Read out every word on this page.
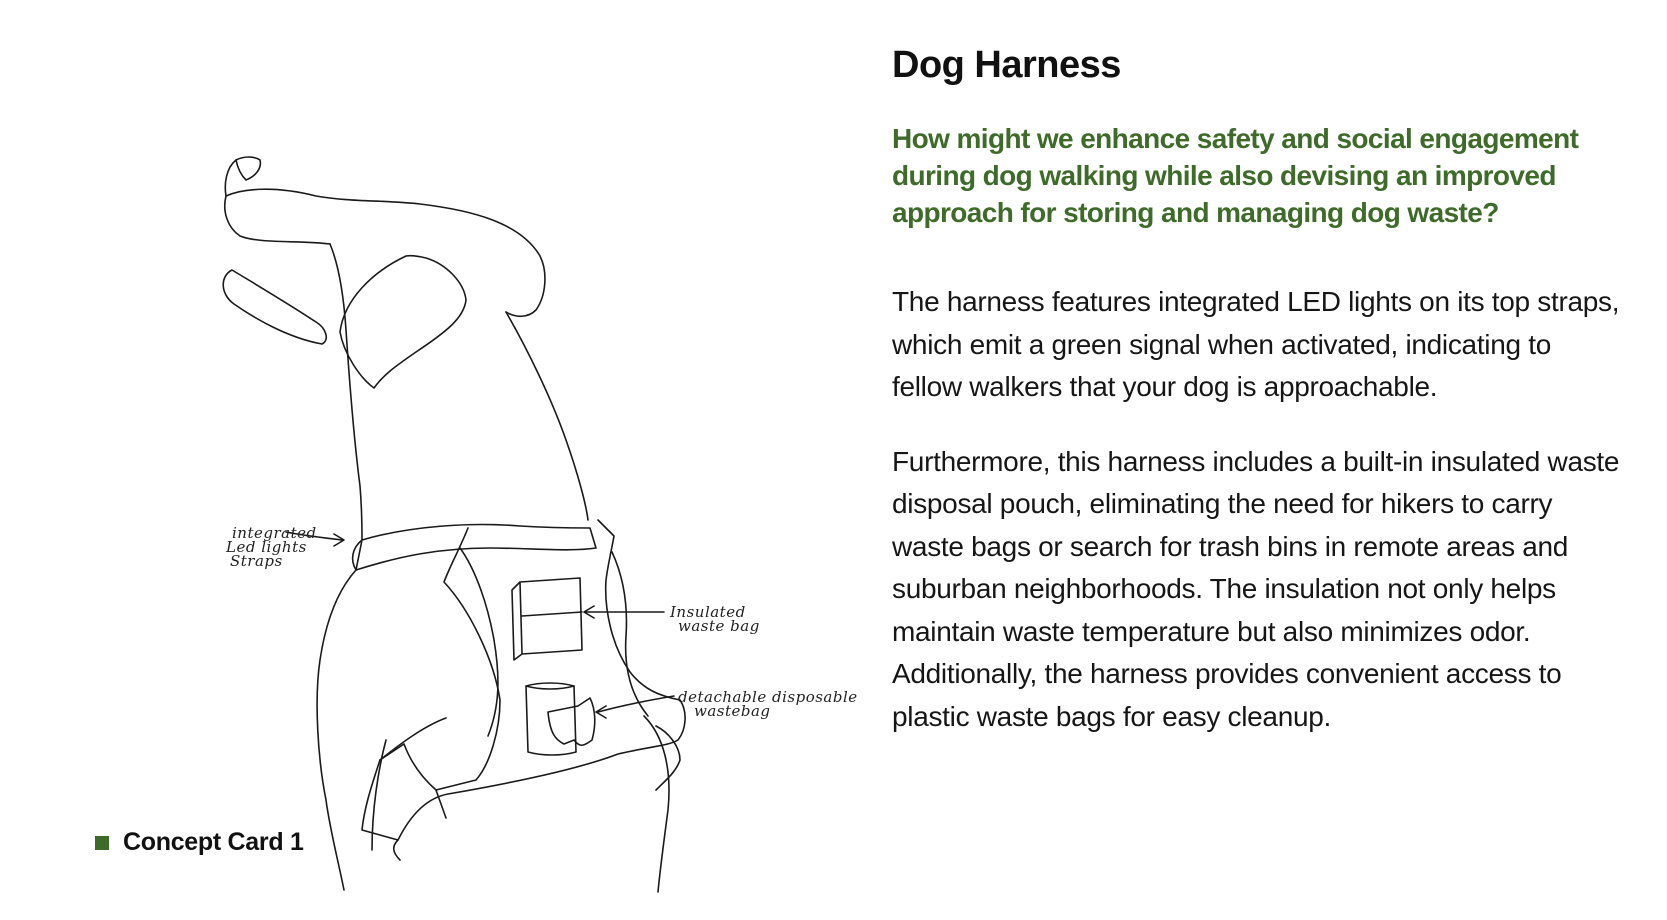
integrated
Led lights
Straps
Insulated
waste bag
detachable disposable
wastebag
Concept Card 1
Dog Harness

How might we enhance safety and social engagement during dog walking while also devising an improved approach for storing and managing dog waste?

The harness features integrated LED lights on its top straps, which emit a green signal when activated, indicating to fellow walkers that your dog is approachable.

Furthermore, this harness includes a built-in insulated waste disposal pouch, eliminating the need for hikers to carry waste bags or search for trash bins in remote areas and suburban neighborhoods. The insulation not only helps maintain waste temperature but also minimizes odor. Additionally, the harness provides convenient access to plastic waste bags for easy cleanup.
